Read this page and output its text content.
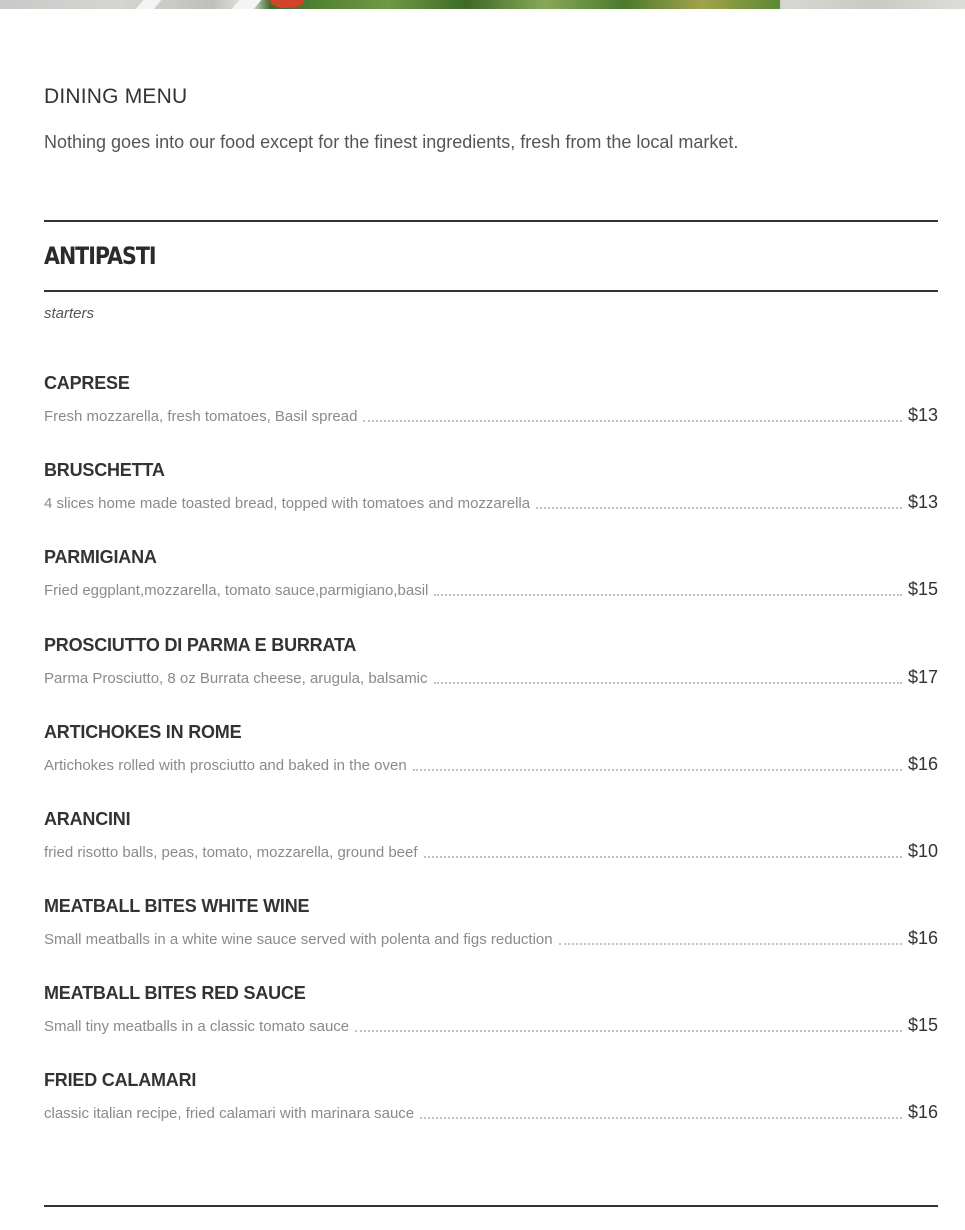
DINING MENU

Nothing goes into our food except for the finest ingredients, fresh from the local market.

ANTIPASTI

starters

CAPRESE
Fresh mozzarella, fresh tomatoes, Basil spread	$13
BRUSCHETTA
4 slices home made toasted bread, topped with tomatoes and mozzarella	$13
PARMIGIANA
Fried eggplant,mozzarella, tomato sauce,parmigiano,basil	$15
PROSCIUTTO DI PARMA E BURRATA
Parma Prosciutto, 8 oz Burrata cheese, arugula, balsamic	$17
ARTICHOKES IN ROME
Artichokes rolled with prosciutto and baked in the oven	$16
ARANCINI
fried risotto balls, peas, tomato, mozzarella, ground beef	$10
MEATBALL BITES WHITE WINE
Small meatballs in a white wine sauce served with polenta and figs reduction	$16
MEATBALL BITES RED SAUCE
Small tiny meatballs in a classic tomato sauce	$15
FRIED CALAMARI
classic italian recipe, fried calamari with marinara sauce	$16
